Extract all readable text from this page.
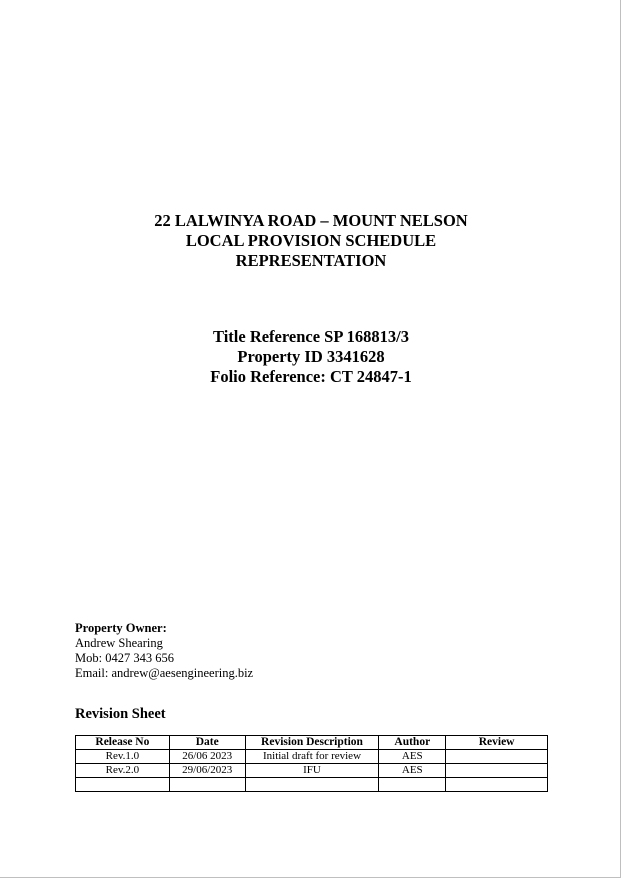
22 LALWINYA ROAD – MOUNT NELSON
LOCAL PROVISION SCHEDULE
REPRESENTATION
Title Reference SP 168813/3
Property ID 3341628
Folio Reference: CT 24847-1
Property Owner:
Andrew Shearing
Mob: 0427 343 656
Email: andrew@aesengineering.biz
Revision Sheet
Release No	Date	Revision Description	Author	Review
Rev.1.0	26/06 2023	Initial draft for review	AES	
Rev.2.0	29/06/2023	IFU	AES	
